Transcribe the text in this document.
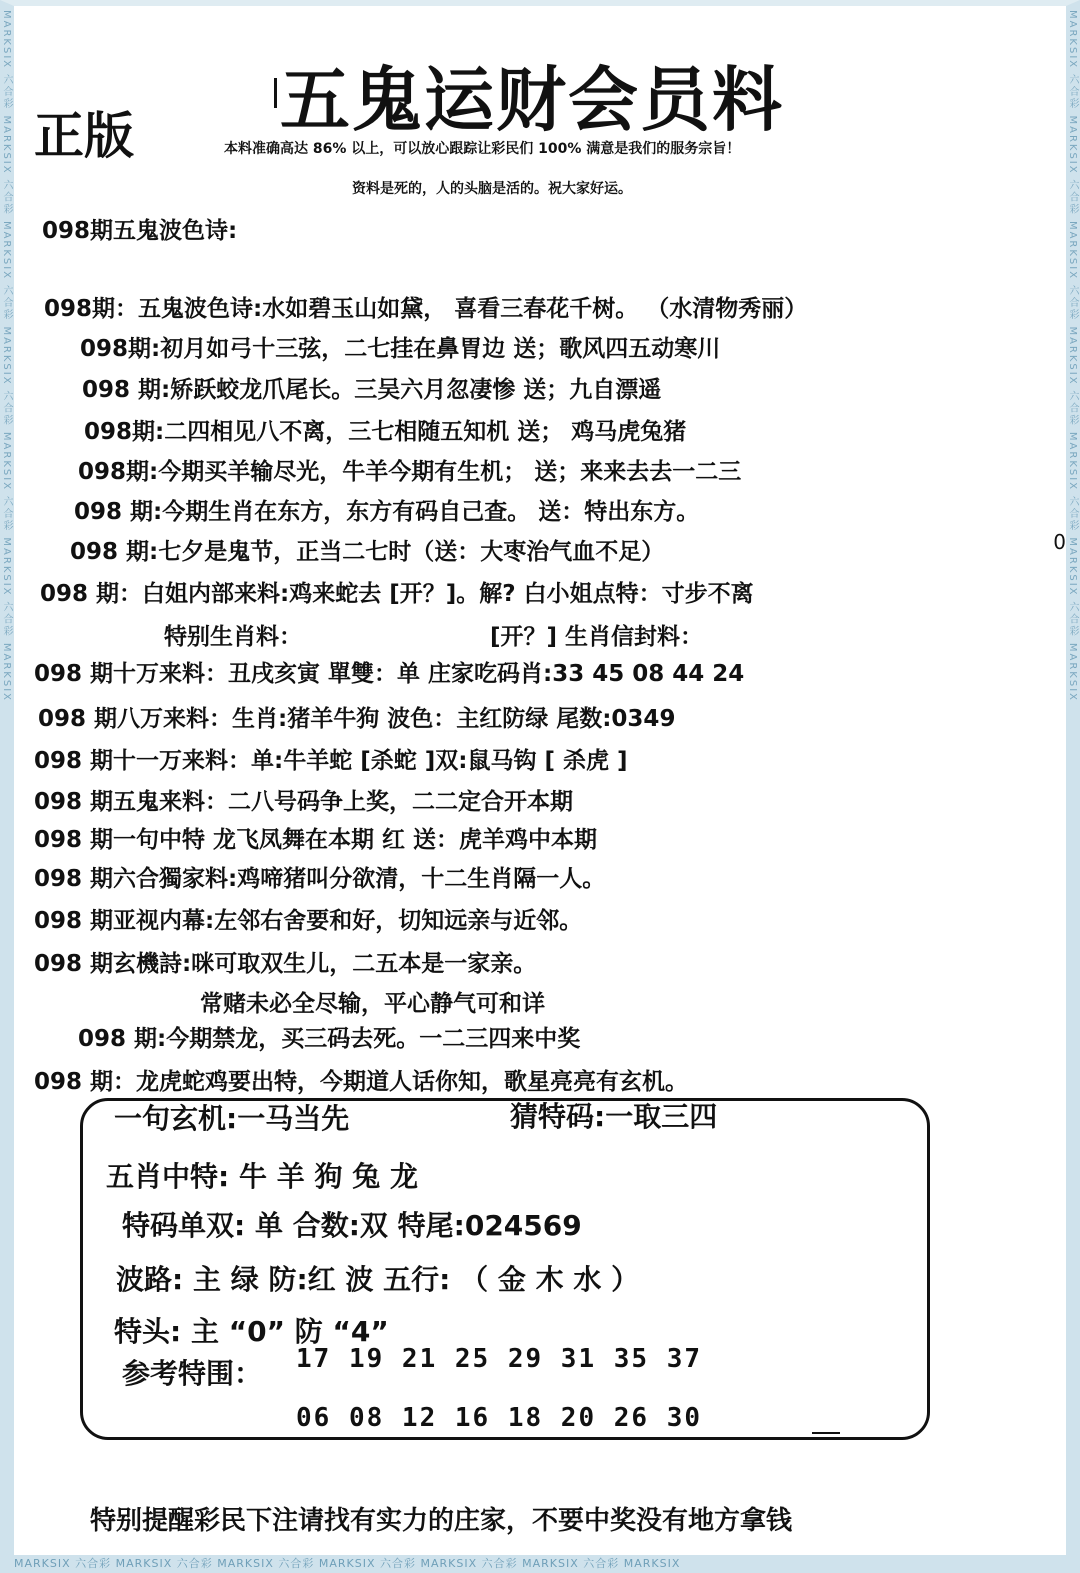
MARKSIX 六合彩 MARKSIX 六合彩 MARKSIX 六合彩 MARKSIX 六合彩 MARKSIX 六合彩 MARKSIX 六合彩 MARKSIX	MARKSIX 六合彩 MARKSIX 六合彩 MARKSIX 六合彩 MARKSIX 六合彩 MARKSIX 六合彩 MARKSIX 六合彩 MARKSIX
MARKSIX 六合彩 MARKSIX 六合彩 MARKSIX 六合彩 MARKSIX 六合彩 MARKSIX 六合彩 MARKSIX 六合彩 MARKSIX
五鬼运财会员料
正版	本料准确高达 86% 以上，可以放心跟踪让彩民们 100% 满意是我们的服务宗旨！
资料是死的，人的头脑是活的。祝大家好运。
0
098期五鬼波色诗:
098期：五鬼波色诗:水如碧玉山如黛， 喜看三春花千树。 （水清物秀丽）
098期:初月如弓十三弦，二七挂在鼻胃边 送；歌风四五动寒川
098 期:矫跃蛟龙爪尾长。三吴六月忽凄惨 送；九自漂遥
098期:二四相见八不离，三七相随五知机 送； 鸡马虎兔猪
098期:今期买羊输尽光，牛羊今期有生机； 送；来来去去一二三
098 期:今期生肖在东方，东方有码自己查。 送：特出东方。
098 期:七夕是鬼节，正当二七时（送：大枣治气血不足）
098 期：白姐内部来料:鸡来蛇去 [开？]。解? 白小姐点特：寸步不离
特别生肖料：	[开？] 生肖信封料：
098 期十万来料：丑戌亥寅 單雙：单 庄家吃码肖:33 45 08 44 24
098 期八万来料：生肖:猪羊牛狗 波色：主红防绿 尾数:0349
098 期十一万来料：单:牛羊蛇 [杀蛇 ]双:鼠马钩 [ 杀虎 ]
098 期五鬼来料：二八号码争上奖，二二定合开本期
098 期一句中特 龙飞凤舞在本期 红 送：虎羊鸡中本期
098 期六合獨家料:鸡啼猪叫分欲清，十二生肖隔一人。
098 期亚视内幕:左邻右舍要和好，切知远亲与近邻。
098 期玄機詩:咪可取双生儿，二五本是一家亲。
常赌未必全尽输，平心静气可和详
098 期:今期禁龙，买三码去死。一二三四来中奖
098 期：龙虎蛇鸡要出特，今期道人话你知，歌星亮亮有玄机。
一句玄机:一马当先	猜特码:一取三四
五肖中特: 牛 羊 狗 兔 龙
特码单双: 单 合数:双 特尾:024569
波路: 主 绿 防:红 波 五行: （ 金 木 水 ）
特头: 主 “0” 防 “4”
参考特围： 17 19 21 25 29 31 35 37
06 08 12 16 18 20 26 30
特别提醒彩民下注请找有实力的庄家，不要中奖没有地方拿钱
